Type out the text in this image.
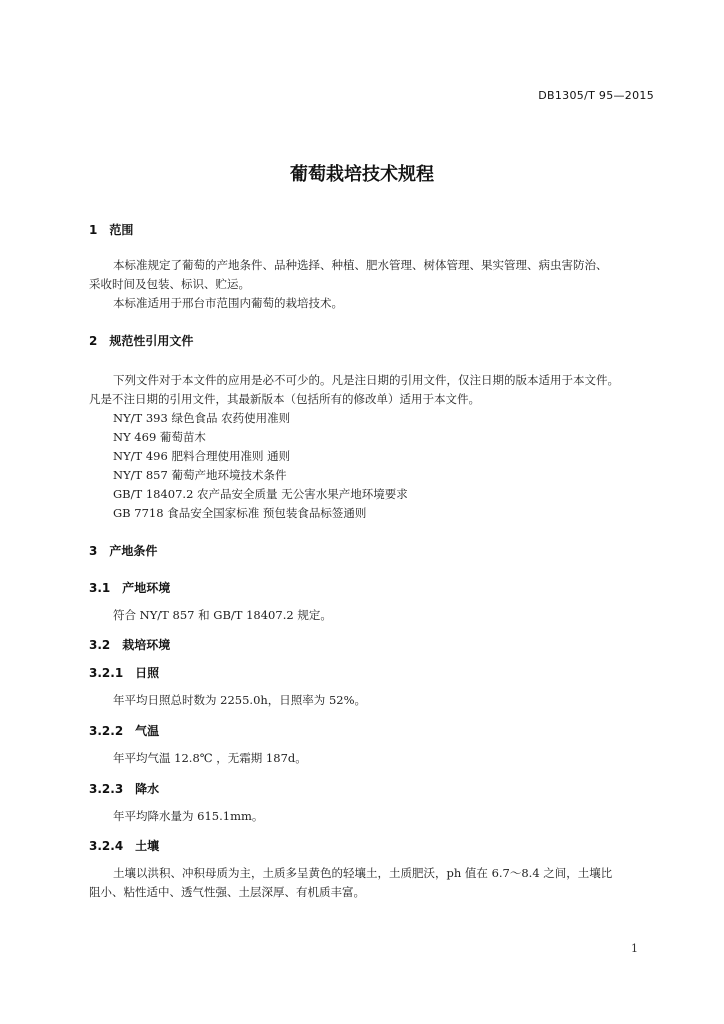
DB1305/T 95—2015
葡萄栽培技术规程
1 范围
本标准规定了葡萄的产地条件、品种选择、种植、肥水管理、树体管理、果实管理、病虫害防治、
采收时间及包装、标识、贮运。
本标准适用于邢台市范围内葡萄的栽培技术。
2 规范性引用文件
下列文件对于本文件的应用是必不可少的。凡是注日期的引用文件，仅注日期的版本适用于本文件。
凡是不注日期的引用文件，其最新版本（包括所有的修改单）适用于本文件。
NY/T 393 绿色食品 农药使用准则
NY 469 葡萄苗木
NY/T 496 肥料合理使用准则 通则
NY/T 857 葡萄产地环境技术条件
GB/T 18407.2 农产品安全质量 无公害水果产地环境要求
GB 7718 食品安全国家标准 预包装食品标签通则
3 产地条件
3.1 产地环境
符合 NY/T 857 和 GB/T 18407.2 规定。
3.2 栽培环境
3.2.1 日照
年平均日照总时数为 2255.0h，日照率为 52%。
3.2.2 气温
年平均气温 12.8℃ ，无霜期 187d。
3.2.3 降水
年平均降水量为 615.1mm。
3.2.4 土壤
土壤以洪积、冲积母质为主，土质多呈黄色的轻壤土，土质肥沃，ph 值在 6.7～8.4 之间，土壤比
阻小、粘性适中、透气性强、土层深厚、有机质丰富。
1
